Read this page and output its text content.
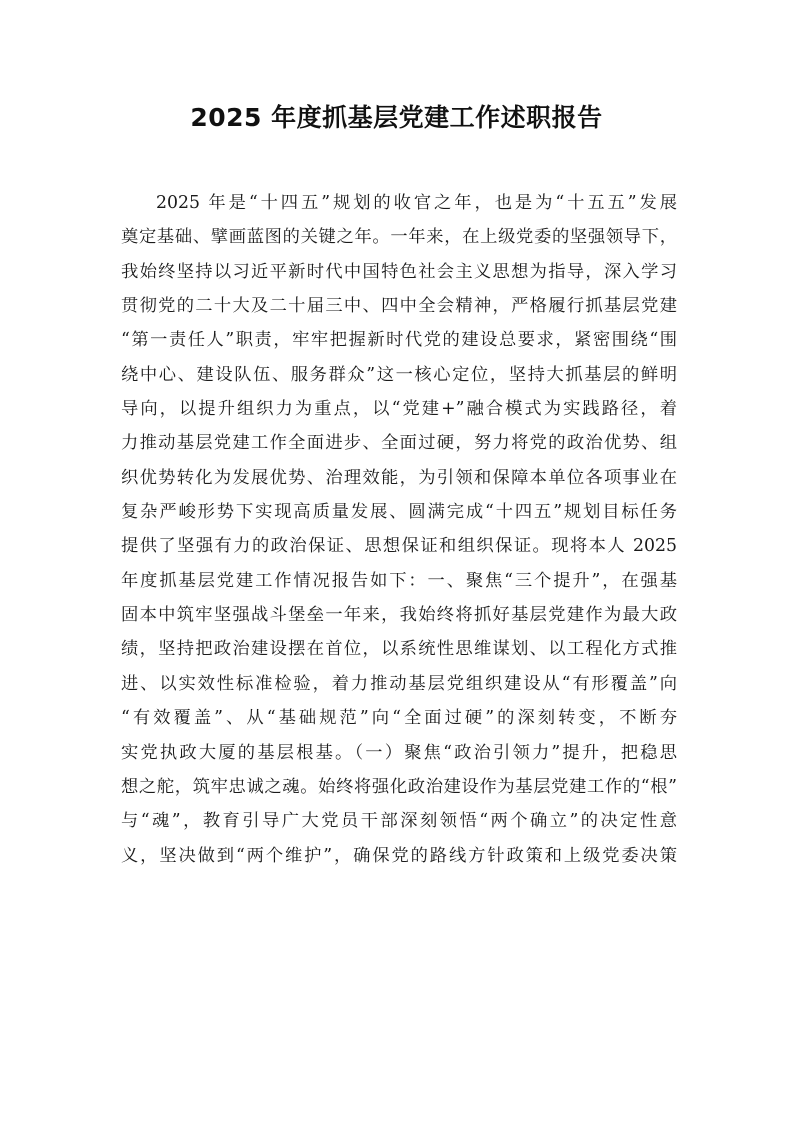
2025 年度抓基层党建工作述职报告
2025 年是“十四五”规划的收官之年，也是为“十五五”发展
奠定基础、擘画蓝图的关键之年。一年来，在上级党委的坚强领导下，
我始终坚持以习近平新时代中国特色社会主义思想为指导，深入学习
贯彻党的二十大及二十届三中、四中全会精神，严格履行抓基层党建
“第一责任人”职责，牢牢把握新时代党的建设总要求，紧密围绕“围
绕中心、建设队伍、服务群众”这一核心定位，坚持大抓基层的鲜明
导向，以提升组织力为重点，以“党建+”融合模式为实践路径，着
力推动基层党建工作全面进步、全面过硬，努力将党的政治优势、组
织优势转化为发展优势、治理效能，为引领和保障本单位各项事业在
复杂严峻形势下实现高质量发展、圆满完成“十四五”规划目标任务
提供了坚强有力的政治保证、思想保证和组织保证。现将本人 2025
年度抓基层党建工作情况报告如下：一、聚焦“三个提升”，在强基
固本中筑牢坚强战斗堡垒一年来，我始终将抓好基层党建作为最大政
绩，坚持把政治建设摆在首位，以系统性思维谋划、以工程化方式推
进、以实效性标准检验，着力推动基层党组织建设从“有形覆盖”向
“有效覆盖”、从“基础规范”向“全面过硬”的深刻转变，不断夯
实党执政大厦的基层根基。（一）聚焦“政治引领力”提升，把稳思
想之舵，筑牢忠诚之魂。始终将强化政治建设作为基层党建工作的“根”
与“魂”，教育引导广大党员干部深刻领悟“两个确立”的决定性意
义，坚决做到“两个维护”，确保党的路线方针政策和上级党委决策
